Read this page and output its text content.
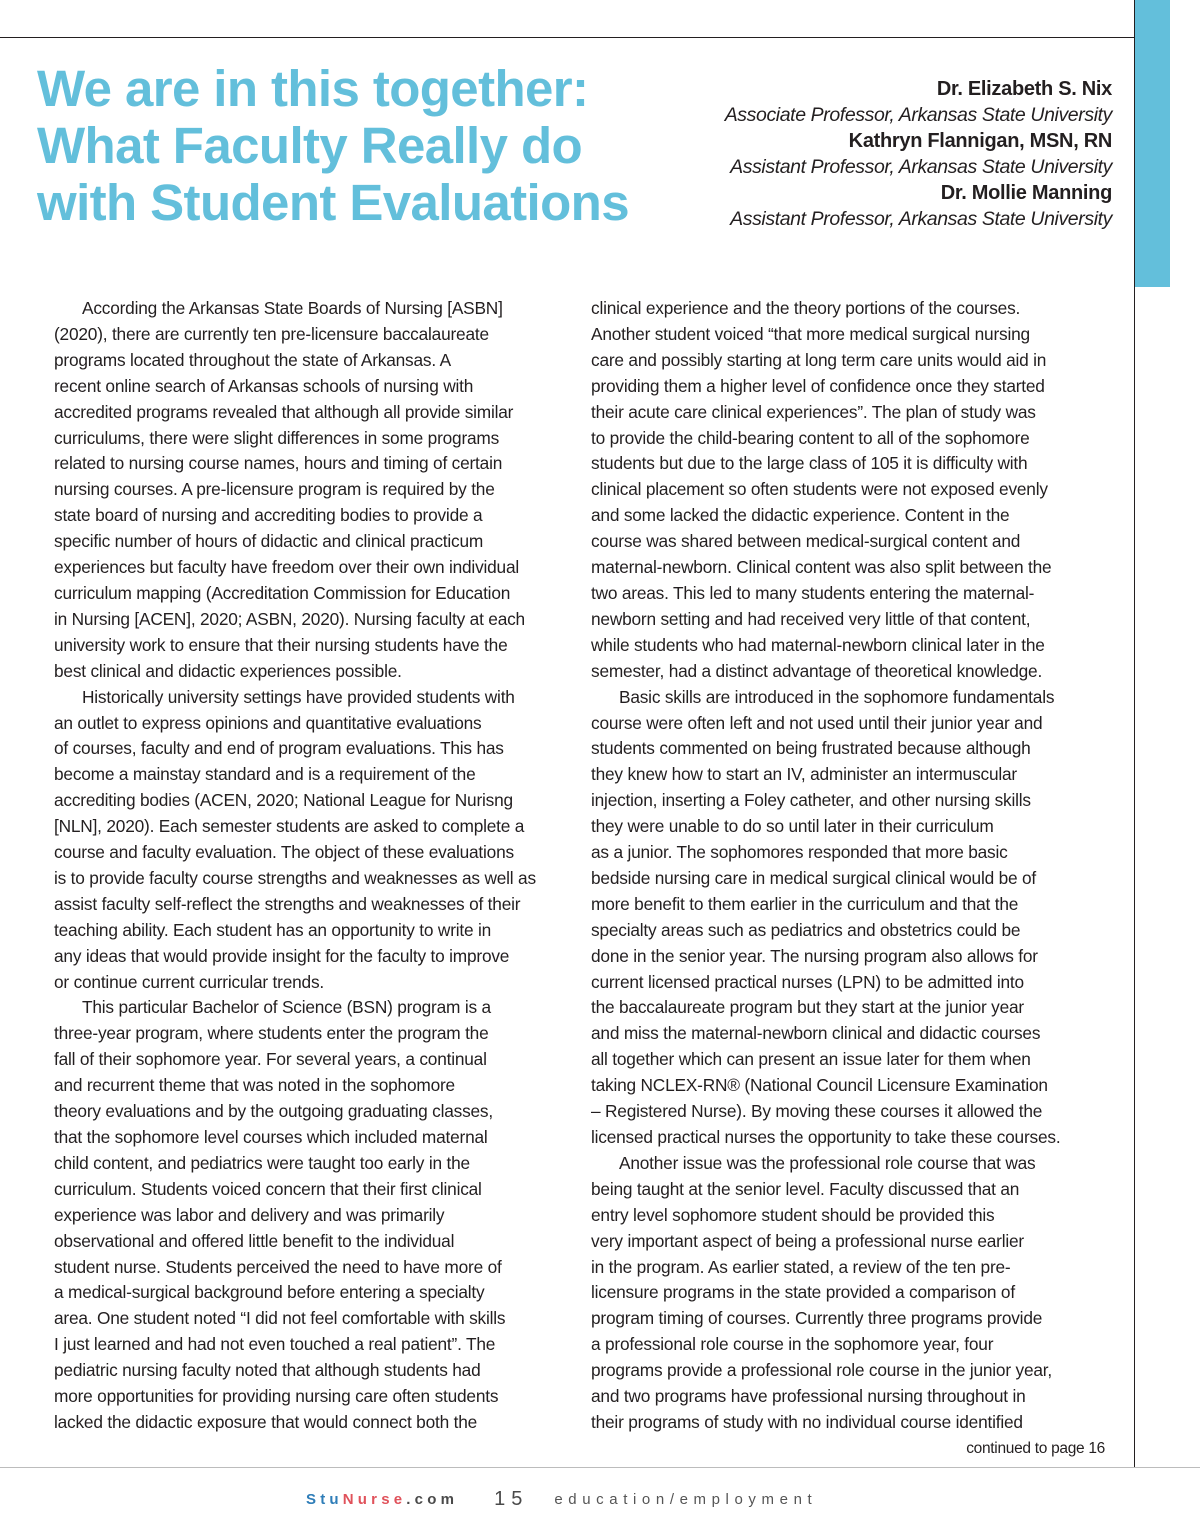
We are in this together:
What Faculty Really do
with Student Evaluations
Dr. Elizabeth S. Nix
Associate Professor, Arkansas State University
Kathryn Flannigan, MSN, RN
Assistant Professor, Arkansas State University
Dr. Mollie Manning
Assistant Professor, Arkansas State University
According the Arkansas State Boards of Nursing [ASBN]
(2020), there are currently ten pre-licensure baccalaureate
programs located throughout the state of Arkansas. A
recent online search of Arkansas schools of nursing with
accredited programs revealed that although all provide similar
curriculums, there were slight differences in some programs
related to nursing course names, hours and timing of certain
nursing courses. A pre-licensure program is required by the
state board of nursing and accrediting bodies to provide a
specific number of hours of didactic and clinical practicum
experiences but faculty have freedom over their own individual
curriculum mapping (Accreditation Commission for Education
in Nursing [ACEN], 2020; ASBN, 2020). Nursing faculty at each
university work to ensure that their nursing students have the
best clinical and didactic experiences possible.
Historically university settings have provided students with
an outlet to express opinions and quantitative evaluations
of courses, faculty and end of program evaluations. This has
become a mainstay standard and is a requirement of the
accrediting bodies (ACEN, 2020; National League for Nurisng
[NLN], 2020). Each semester students are asked to complete a
course and faculty evaluation. The object of these evaluations
is to provide faculty course strengths and weaknesses as well as
assist faculty self-reflect the strengths and weaknesses of their
teaching ability. Each student has an opportunity to write in
any ideas that would provide insight for the faculty to improve
or continue current curricular trends.
This particular Bachelor of Science (BSN) program is a
three-year program, where students enter the program the
fall of their sophomore year. For several years, a continual
and recurrent theme that was noted in the sophomore
theory evaluations and by the outgoing graduating classes,
that the sophomore level courses which included maternal
child content, and pediatrics were taught too early in the
curriculum. Students voiced concern that their first clinical
experience was labor and delivery and was primarily
observational and offered little benefit to the individual
student nurse. Students perceived the need to have more of
a medical-surgical background before entering a specialty
area. One student noted “I did not feel comfortable with skills
I just learned and had not even touched a real patient”. The
pediatric nursing faculty noted that although students had
more opportunities for providing nursing care often students
lacked the didactic exposure that would connect both the
clinical experience and the theory portions of the courses.
Another student voiced “that more medical surgical nursing
care and possibly starting at long term care units would aid in
providing them a higher level of confidence once they started
their acute care clinical experiences”. The plan of study was
to provide the child-bearing content to all of the sophomore
students but due to the large class of 105 it is difficulty with
clinical placement so often students were not exposed evenly
and some lacked the didactic experience. Content in the
course was shared between medical-surgical content and
maternal-newborn. Clinical content was also split between the
two areas. This led to many students entering the maternal-
newborn setting and had received very little of that content,
while students who had maternal-newborn clinical later in the
semester, had a distinct advantage of theoretical knowledge.
Basic skills are introduced in the sophomore fundamentals
course were often left and not used until their junior year and
students commented on being frustrated because although
they knew how to start an IV, administer an intermuscular
injection, inserting a Foley catheter, and other nursing skills
they were unable to do so until later in their curriculum
as a junior. The sophomores responded that more basic
bedside nursing care in medical surgical clinical would be of
more benefit to them earlier in the curriculum and that the
specialty areas such as pediatrics and obstetrics could be
done in the senior year. The nursing program also allows for
current licensed practical nurses (LPN) to be admitted into
the baccalaureate program but they start at the junior year
and miss the maternal-newborn clinical and didactic courses
all together which can present an issue later for them when
taking NCLEX-RN® (National Council Licensure Examination
– Registered Nurse). By moving these courses it allowed the
licensed practical nurses the opportunity to take these courses.
Another issue was the professional role course that was
being taught at the senior level. Faculty discussed that an
entry level sophomore student should be provided this
very important aspect of being a professional nurse earlier
in the program. As earlier stated, a review of the ten pre-
licensure programs in the state provided a comparison of
program timing of courses. Currently three programs provide
a professional role course in the sophomore year, four
programs provide a professional role course in the junior year,
and two programs have professional nursing throughout in
their programs of study with no individual course identified
continued to page 16
StuNurse.com 15 education/employment
